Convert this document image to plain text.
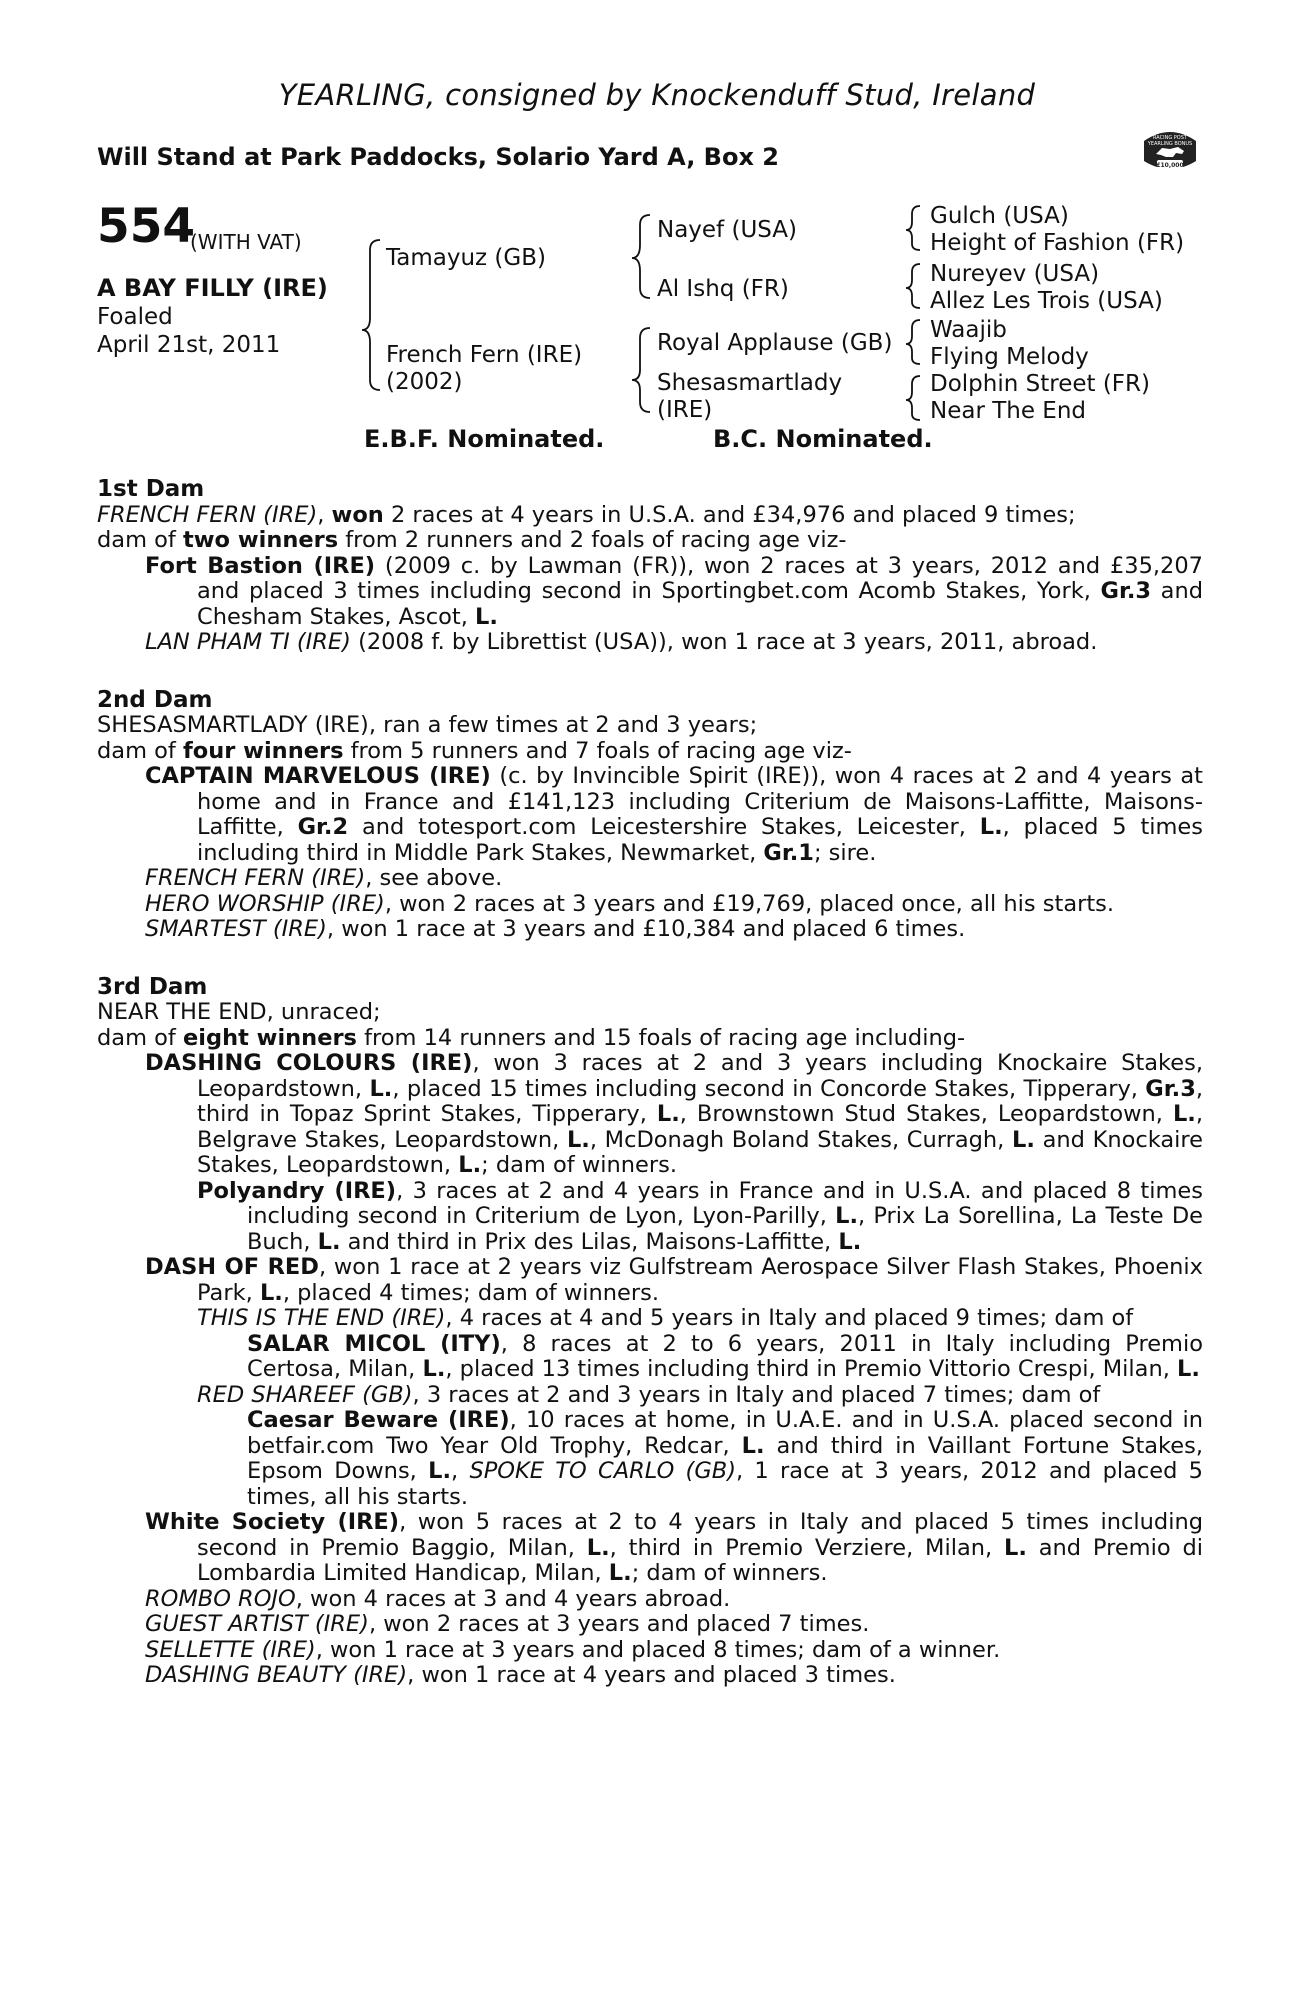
YEARLING, consigned by Knockenduff Stud, Ireland
Will Stand at Park Paddocks, Solario Yard A, Box 2
RACING POST
YEARLING BONUS
£10,000
554
(WITH VAT)
A BAY FILLY (IRE)
Foaled
April 21st, 2011
Tamayuz (GB)
French Fern (IRE)
(2002)
Nayef (USA)
Al Ishq (FR)
Royal Applause (GB)
Shesasmartlady
(IRE)
Gulch (USA)
Height of Fashion (FR)
Nureyev (USA)
Allez Les Trois (USA)
Waajib
Flying Melody
Dolphin Street (FR)
Near The End
E.B.F. Nominated.	B.C. Nominated.
1st Dam

FRENCH FERN (IRE), won 2 races at 4 years in U.S.A. and £34,976 and placed 9 times;

dam of two winners from 2 runners and 2 foals of racing age viz-

Fort Bastion (IRE) (2009 c. by Lawman (FR)), won 2 races at 3 years, 2012 and £35,207 and placed 3 times including second in Sportingbet.com Acomb Stakes, York, Gr.3 and Chesham Stakes, Ascot, L.

LAN PHAM TI (IRE) (2008 f. by Librettist (USA)), won 1 race at 3 years, 2011, abroad.

2nd Dam

SHESASMARTLADY (IRE), ran a few times at 2 and 3 years;

dam of four winners from 5 runners and 7 foals of racing age viz-

CAPTAIN MARVELOUS (IRE) (c. by Invincible Spirit (IRE)), won 4 races at 2 and 4 years at home and in France and £141,123 including Criterium de Maisons-Laffitte, Maisons-Laffitte, Gr.2 and totesport.com Leicestershire Stakes, Leicester, L., placed 5 times including third in Middle Park Stakes, Newmarket, Gr.1; sire.

FRENCH FERN (IRE), see above.

HERO WORSHIP (IRE), won 2 races at 3 years and £19,769, placed once, all his starts.

SMARTEST (IRE), won 1 race at 3 years and £10,384 and placed 6 times.

3rd Dam

NEAR THE END, unraced;

dam of eight winners from 14 runners and 15 foals of racing age including-

DASHING COLOURS (IRE), won 3 races at 2 and 3 years including Knockaire Stakes, Leopardstown, L., placed 15 times including second in Concorde Stakes, Tipperary, Gr.3, third in Topaz Sprint Stakes, Tipperary, L., Brownstown Stud Stakes, Leopardstown, L., Belgrave Stakes, Leopardstown, L., McDonagh Boland Stakes, Curragh, L. and Knockaire Stakes, Leopardstown, L.; dam of winners.

Polyandry (IRE), 3 races at 2 and 4 years in France and in U.S.A. and placed 8 times including second in Criterium de Lyon, Lyon-Parilly, L., Prix La Sorellina, La Teste De Buch, L. and third in Prix des Lilas, Maisons-Laffitte, L.

DASH OF RED, won 1 race at 2 years viz Gulfstream Aerospace Silver Flash Stakes, Phoenix Park, L., placed 4 times; dam of winners.

THIS IS THE END (IRE), 4 races at 4 and 5 years in Italy and placed 9 times; dam of

SALAR MICOL (ITY), 8 races at 2 to 6 years, 2011 in Italy including Premio Certosa, Milan, L., placed 13 times including third in Premio Vittorio Crespi, Milan, L.

RED SHAREEF (GB), 3 races at 2 and 3 years in Italy and placed 7 times; dam of

Caesar Beware (IRE), 10 races at home, in U.A.E. and in U.S.A. placed second in betfair.com Two Year Old Trophy, Redcar, L. and third in Vaillant Fortune Stakes, Epsom Downs, L., SPOKE TO CARLO (GB), 1 race at 3 years, 2012 and placed 5 times, all his starts.

White Society (IRE), won 5 races at 2 to 4 years in Italy and placed 5 times including second in Premio Baggio, Milan, L., third in Premio Verziere, Milan, L. and Premio di Lombardia Limited Handicap, Milan, L.; dam of winners.

ROMBO ROJO, won 4 races at 3 and 4 years abroad.

GUEST ARTIST (IRE), won 2 races at 3 years and placed 7 times.

SELLETTE (IRE), won 1 race at 3 years and placed 8 times; dam of a winner.

DASHING BEAUTY (IRE), won 1 race at 4 years and placed 3 times.
